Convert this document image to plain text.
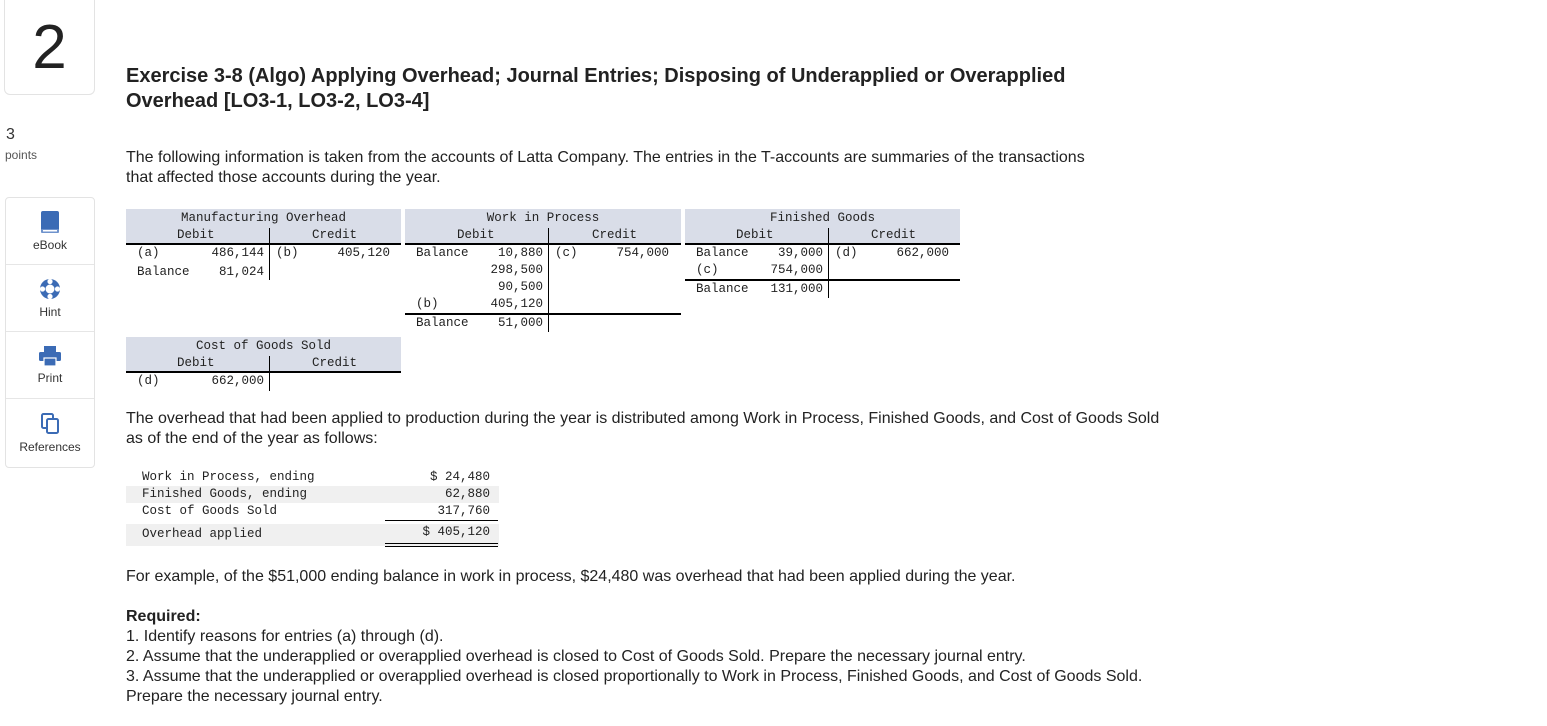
2
3
points
eBook
Hint
Print
References
Exercise 3-8 (Algo) Applying Overhead; Journal Entries; Disposing of Underapplied or Overapplied Overhead [LO3-1, LO3-2, LO3-4]
The following information is taken from the accounts of Latta Company. The entries in the T-accounts are summaries of the transactions that affected those accounts during the year.
Manufacturing Overhead
Debit	Credit
(a)	486,144 (b)	405,120
Balance	81,024
Work in Process
Debit	Credit
Balance	10,880 (c)	754,000
298,500
90,500
(b)	405,120
Balance	51,000
Finished Goods
Debit	Credit
Balance	39,000 (d)	662,000
(c)	754,000
Balance	131,000
Cost of Goods Sold
Debit	Credit
(d)	662,000
The overhead that had been applied to production during the year is distributed among Work in Process, Finished Goods, and Cost of Goods Sold as of the end of the year as follows:
Work in Process, ending	$ 24,480
Finished Goods, ending	62,880
Cost of Goods Sold	317,760
Overhead applied	$ 405,120
For example, of the $51,000 ending balance in work in process, $24,480 was overhead that had been applied during the year.
Required:
1. Identify reasons for entries (a) through (d).
2. Assume that the underapplied or overapplied overhead is closed to Cost of Goods Sold. Prepare the necessary journal entry.
3. Assume that the underapplied or overapplied overhead is closed proportionally to Work in Process, Finished Goods, and Cost of Goods Sold. Prepare the necessary journal entry.
